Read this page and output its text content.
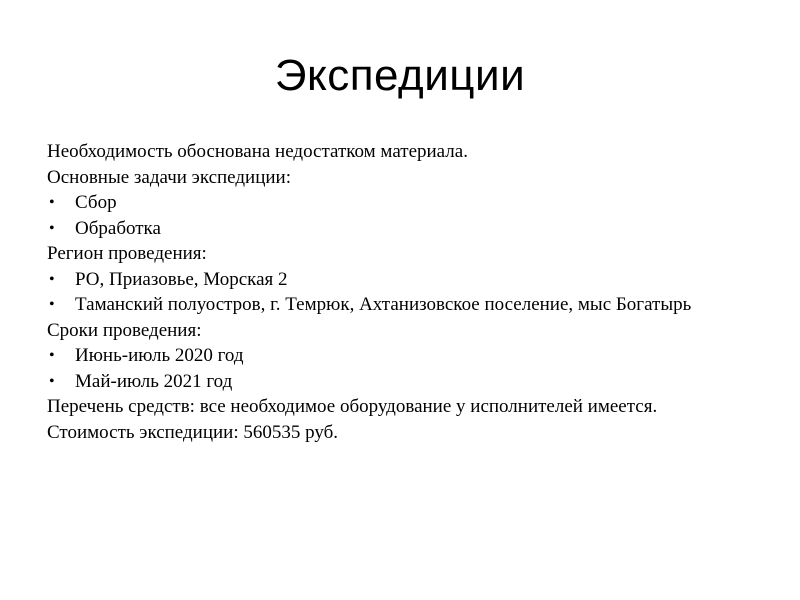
Экспедиции

Необходимость обоснована недостатком материала.

Основные задачи экспедиции:

• Сбор
• Обработка

Регион проведения:

• РО, Приазовье, Морская 2
• Таманский полуостров, г. Темрюк, Ахтанизовское поселение, мыс Богатырь

Сроки проведения:

• Июнь-июль 2020 год
• Май-июль 2021 год

Перечень средств: все необходимое оборудование у исполнителей имеется.

Стоимость экспедиции: 560535 руб.
